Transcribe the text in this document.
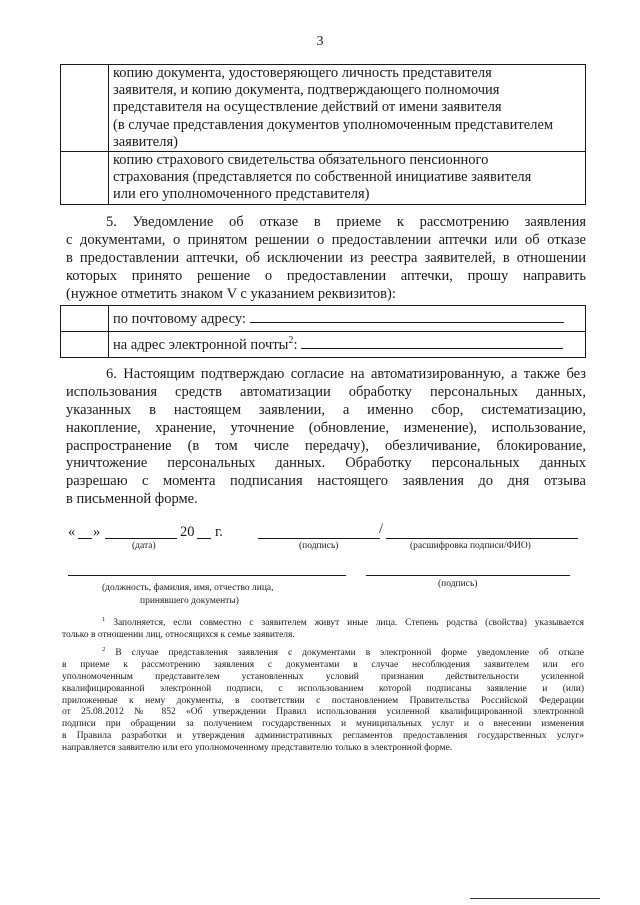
3

	копию документа, удостоверяющего личность представителя
заявителя, и копию документа, подтверждающего полномочия
представителя на осуществление действий от имени заявителя
(в случае представления документов уполномоченным представителем
заявителя)

	копию страхового свидетельства обязательного пенсионного
страхования (представляется по собственной инициативе заявителя
или его уполномоченного представителя)
5. Уведомление об отказе в приеме к рассмотрению заявления
с документами, о принятом решении о предоставлении аптечки или об отказе
в предоставлении аптечки, об исключении из реестра заявителей, в отношении
которых принято решение о предоставлении аптечки, прошу направить
(нужное отметить знаком V с указанием реквизитов):
	по почтовому адресу:
	на адрес электронной почты$^2$:
6. Настоящим подтверждаю согласие на автоматизированную, а также без
использования средств автоматизации обработку персональных данных,
указанных в настоящем заявлении, а именно сбор, систематизацию,
накопление, хранение, уточнение (обновление, изменение), использование,
распространение (в том числе передачу), обезличивание, блокирование,
уничтожение персональных данных. Обработку персональных данных
разрешаю с момента подписания настоящего заявления до дня отзыва
в письменной форме.
« »	20 г.	/
(дата)	(подпись)	(расшифровка подписи/ФИО)
(должность, фамилия, имя, отчество лица,
принявшего документы)
(подпись)
$^1$ Заполняется, если совместно с заявителем живут иные лица. Степень родства (свойства) указывается
только в отношении лиц, относящихся к семье заявителя.
$^2$ В случае представления заявления с документами в электронной форме уведомление об отказе
в приеме к рассмотрению заявления с документами в случае несоблюдения заявителем или его
уполномоченным представителем установленных условий признания действительности усиленной
квалифицированной электронной подписи, с использованием которой подписаны заявление и (или)
приложенные к нему документы, в соответствии с постановлением Правительства Российской Федерации
от 25.08.2012 № 852 «Об утверждении Правил использования усиленной квалифицированной электронной
подписи при обращении за получением государственных и муниципальных услуг и о внесении изменения
в Правила разработки и утверждения административных регламентов предоставления государственных услуг»
направляется заявителю или его уполномоченному представителю только в электронной форме.
